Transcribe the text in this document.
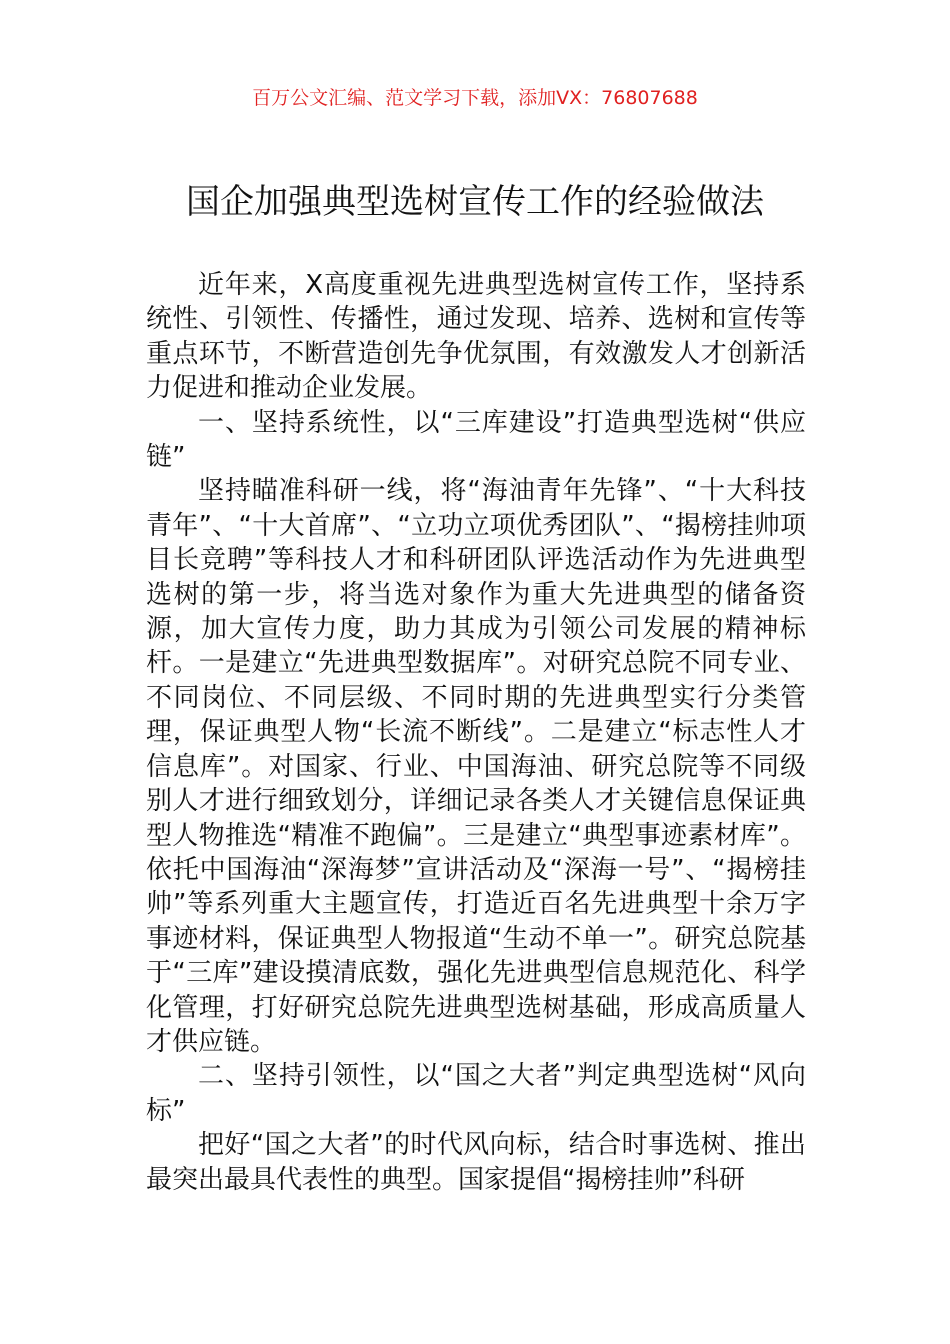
百万公文汇编、范文学习下载，添加VX：76807688
国企加强典型选树宣传工作的经验做法

近年来，X高度重视先进典型选树宣传工作，坚持系统性、引领性、传播性，通过发现、培养、选树和宣传等重点环节，不断营造创先争优氛围，有效激发人才创新活力促进和推动企业发展。

一、坚持系统性，以“三库建设”打造典型选树“供应链”

坚持瞄准科研一线，将“海油青年先锋”、“十大科技青年”、“十大首席”、“立功立项优秀团队”、“揭榜挂帅项目长竞聘”等科技人才和科研团队评选活动作为先进典型选树的第一步，将当选对象作为重大先进典型的储备资源，加大宣传力度，助力其成为引领公司发展的精神标杆。一是建立“先进典型数据库”。对研究总院不同专业、不同岗位、不同层级、不同时期的先进典型实行分类管理，保证典型人物“长流不断线”。二是建立“标志性人才信息库”。对国家、行业、中国海油、研究总院等不同级别人才进行细致划分，详细记录各类人才关键信息保证典型人物推选“精准不跑偏”。三是建立“典型事迹素材库”。依托中国海油“深海梦”宣讲活动及“深海一号”、“揭榜挂帅”等系列重大主题宣传，打造近百名先进典型十余万字事迹材料，保证典型人物报道“生动不单一”。研究总院基于“三库”建设摸清底数，强化先进典型信息规范化、科学化管理，打好研究总院先进典型选树基础，形成高质量人才供应链。

二、坚持引领性，以“国之大者”判定典型选树“风向标”

把好“国之大者”的时代风向标，结合时事选树、推出最突出最具代表性的典型。国家提倡“揭榜挂帅”科研
